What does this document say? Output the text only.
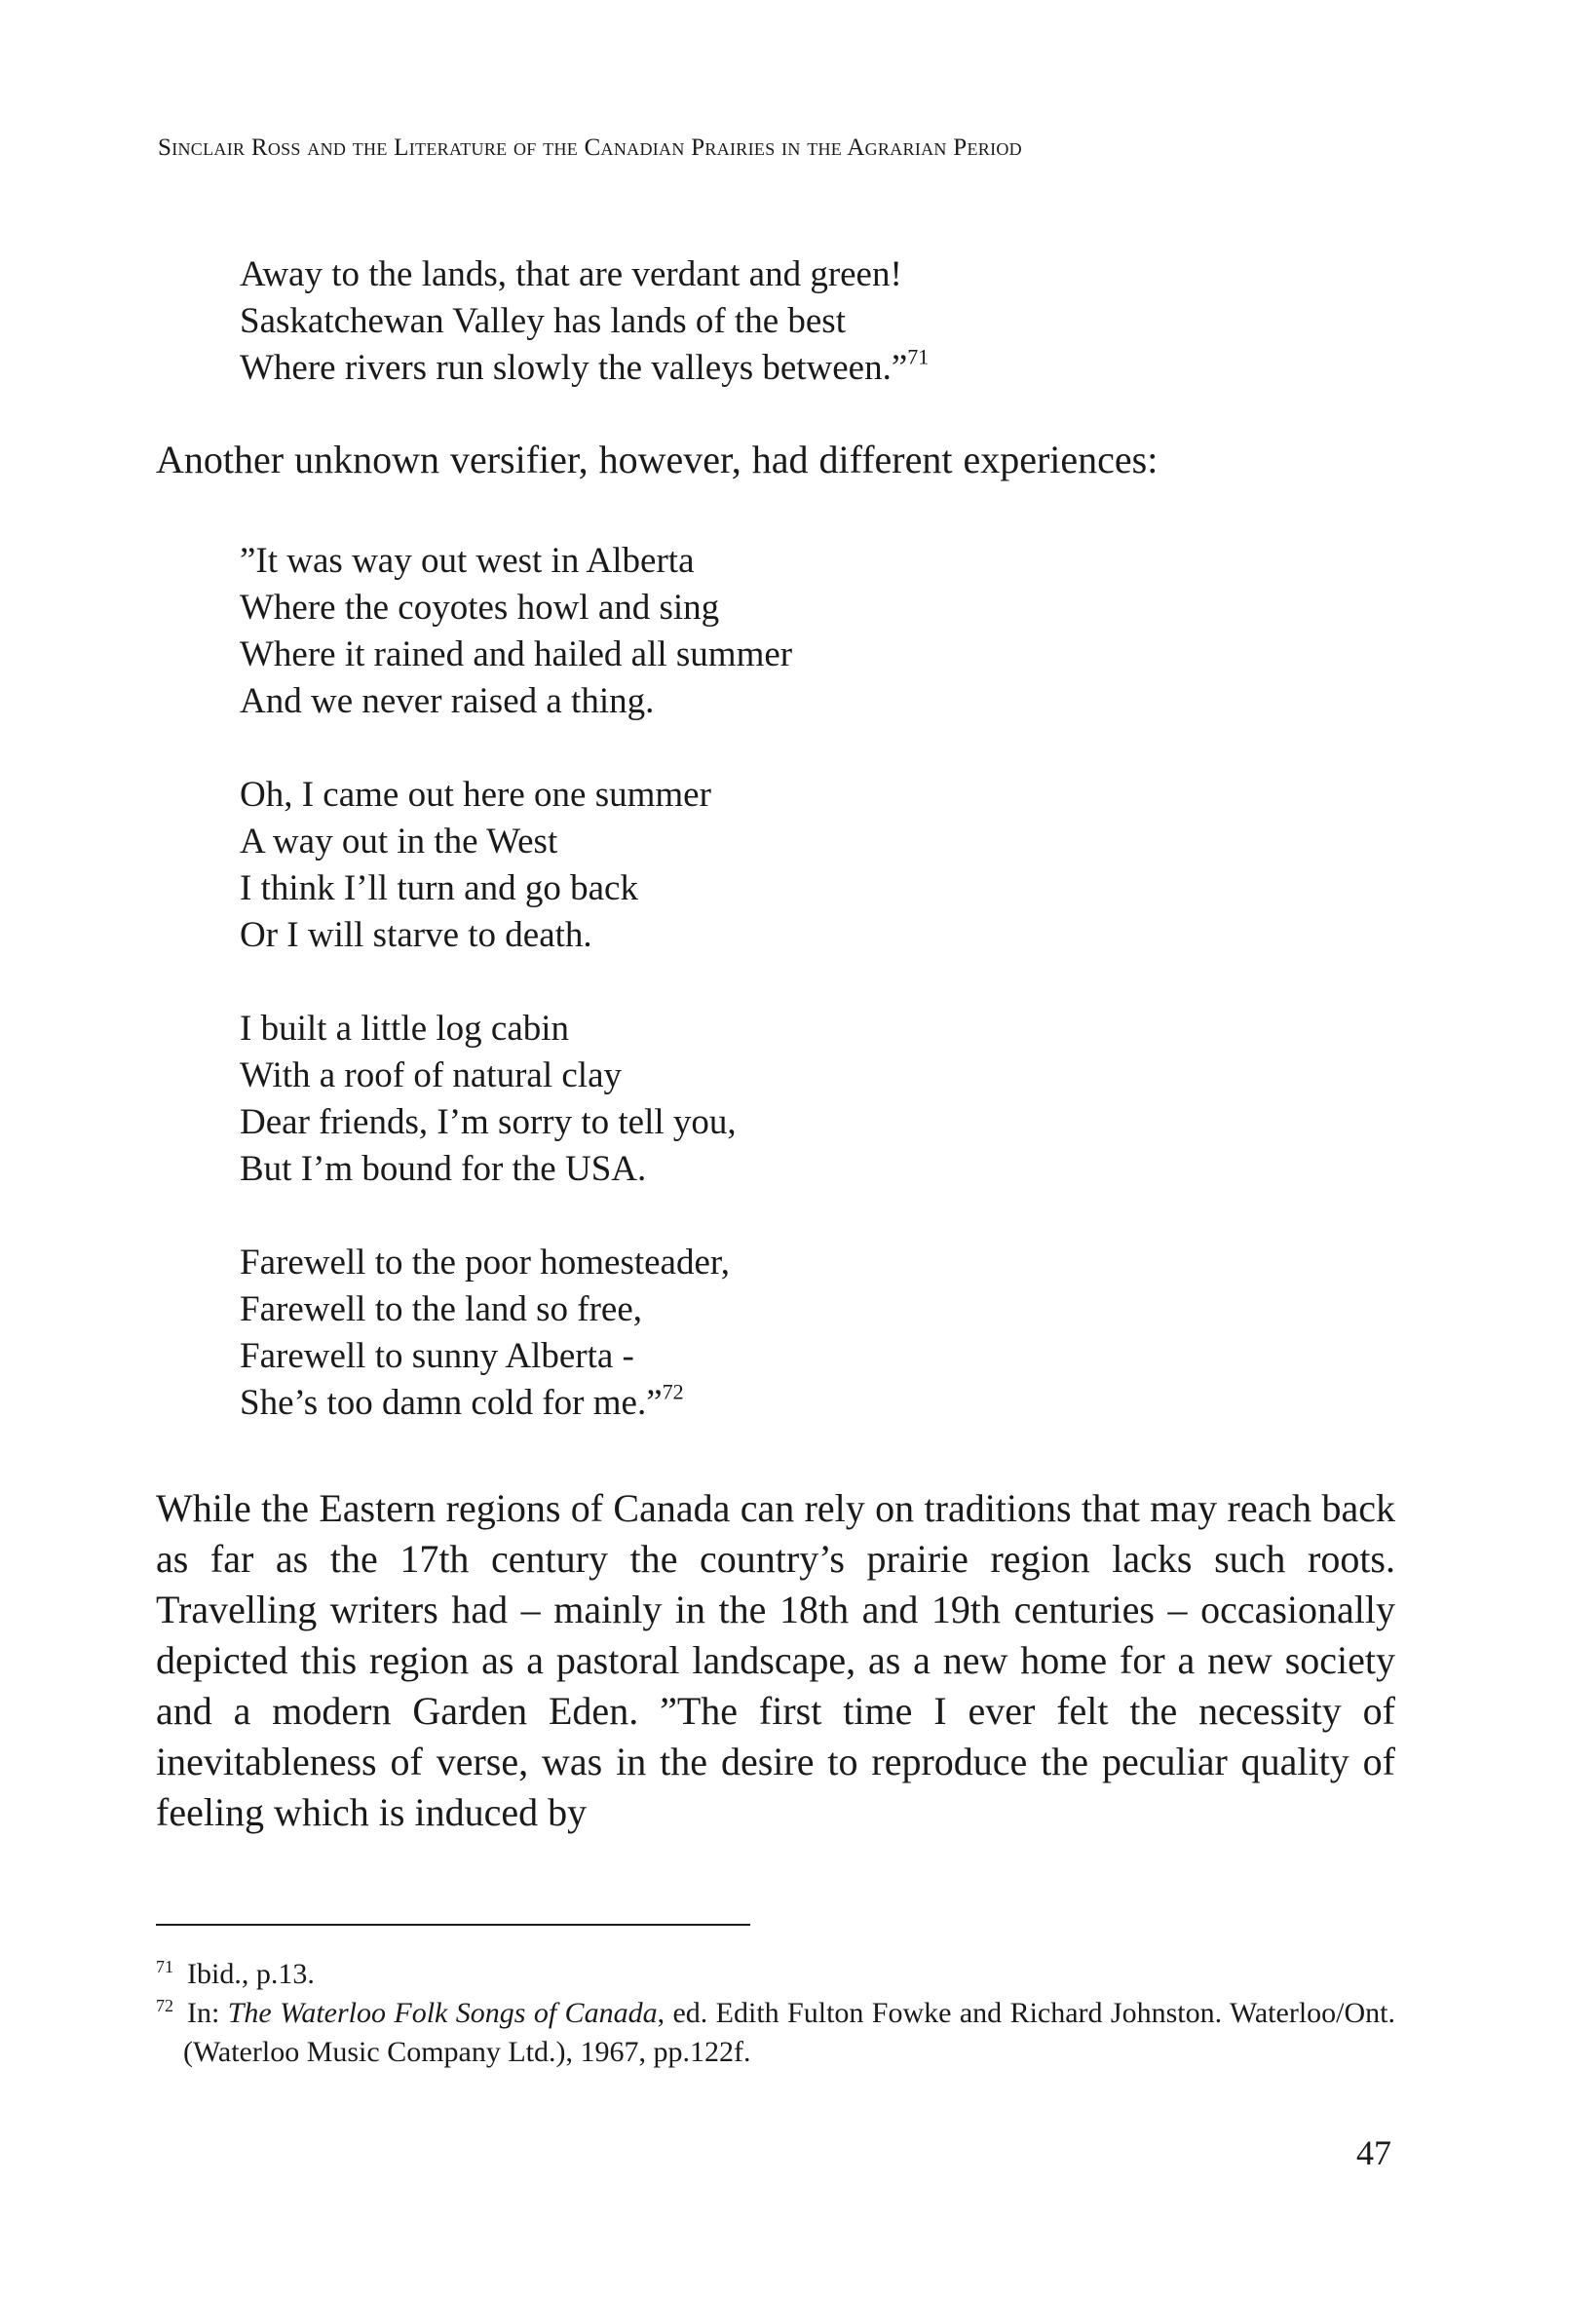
Sinclair Ross and the Literature of the Canadian Prairies in the Agrarian Period
Away to the lands, that are verdant and green!
Saskatchewan Valley has lands of the best
Where rivers run slowly the valleys between.”$^{71}$
Another unknown versifier, however, had different experiences:
”It was way out west in Alberta
Where the coyotes howl and sing
Where it rained and hailed all summer
And we never raised a thing.
Oh, I came out here one summer
A way out in the West
I think I’ll turn and go back
Or I will starve to death.
I built a little log cabin
With a roof of natural clay
Dear friends, I’m sorry to tell you,
But I’m bound for the USA.
Farewell to the poor homesteader,
Farewell to the land so free,
Farewell to sunny Alberta -
She’s too damn cold for me.”$^{72}$
While the Eastern regions of Canada can rely on traditions that may reach back as far as the 17th century the country’s prairie region lacks such roots. Travelling writers had – mainly in the 18th and 19th centuries – occasionally depicted this region as a pastoral landscape, as a new home for a new society and a modern Garden Eden. ”The first time I ever felt the necessity of inevitableness of verse, was in the desire to reproduce the peculiar quality of feeling which is induced by
$^{71}$ Ibid., p.13.
$^{72}$ In: The Waterloo Folk Songs of Canada, ed. Edith Fulton Fowke and Richard Johnston. Waterloo/Ont. (Waterloo Music Company Ltd.), 1967, pp.122f.
47
